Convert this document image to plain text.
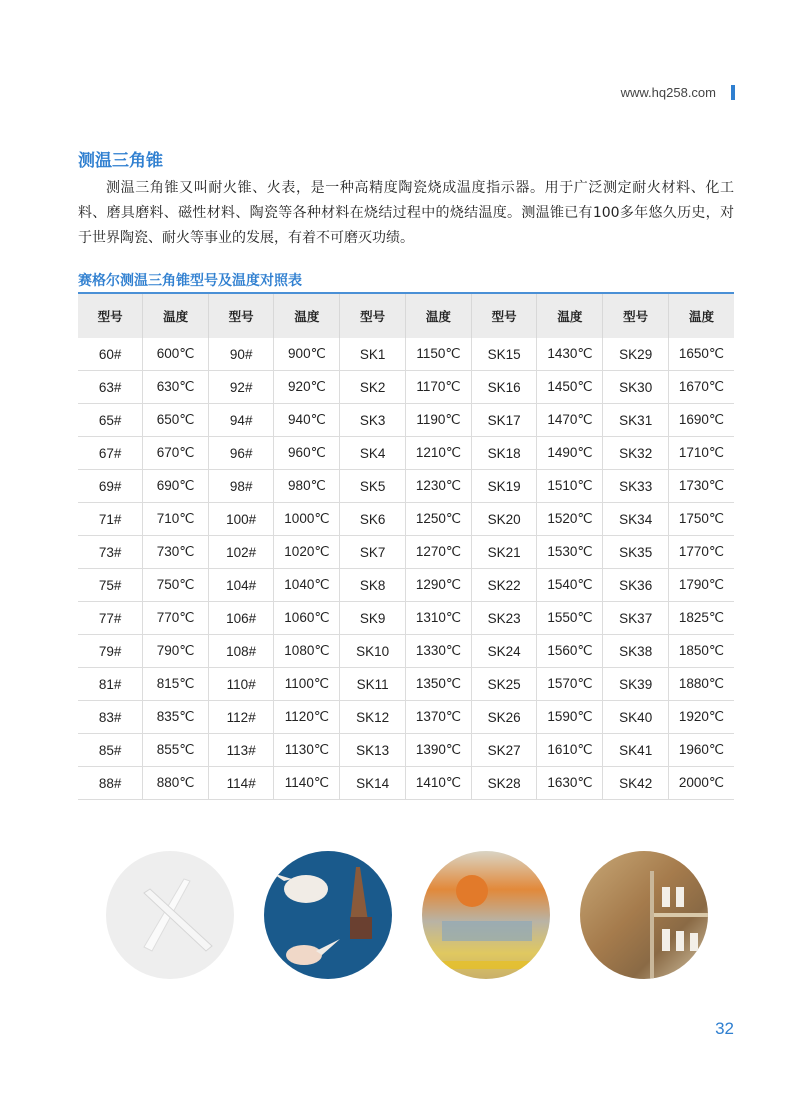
www.hq258.com
测温三角锥
测温三角锥又叫耐火锥、火表，是一种高精度陶瓷烧成温度指示器。用于广泛测定耐火材料、化工料、磨具磨料、磁性材料、陶瓷等各种材料在烧结过程中的烧结温度。测温锥已有100多年悠久历史，对于世界陶瓷、耐火等事业的发展，有着不可磨灭功绩。
赛格尔测温三角锥型号及温度对照表
型号	温度	型号	温度	型号	温度	型号	温度	型号	温度
60#	600℃	90#	900℃	SK1	1150℃	SK15	1430℃	SK29	1650℃
63#	630℃	92#	920℃	SK2	1170℃	SK16	1450℃	SK30	1670℃
65#	650℃	94#	940℃	SK3	1190℃	SK17	1470℃	SK31	1690℃
67#	670℃	96#	960℃	SK4	1210℃	SK18	1490℃	SK32	1710℃
69#	690℃	98#	980℃	SK5	1230℃	SK19	1510℃	SK33	1730℃
71#	710℃	100#	1000℃	SK6	1250℃	SK20	1520℃	SK34	1750℃
73#	730℃	102#	1020℃	SK7	1270℃	SK21	1530℃	SK35	1770℃
75#	750℃	104#	1040℃	SK8	1290℃	SK22	1540℃	SK36	1790℃
77#	770℃	106#	1060℃	SK9	1310℃	SK23	1550℃	SK37	1825℃
79#	790℃	108#	1080℃	SK10	1330℃	SK24	1560℃	SK38	1850℃
81#	815℃	110#	1100℃	SK11	1350℃	SK25	1570℃	SK39	1880℃
83#	835℃	112#	1120℃	SK12	1370℃	SK26	1590℃	SK40	1920℃
85#	855℃	113#	1130℃	SK13	1390℃	SK27	1610℃	SK41	1960℃
88#	880℃	114#	1140℃	SK14	1410℃	SK28	1630℃	SK42	2000℃
32
